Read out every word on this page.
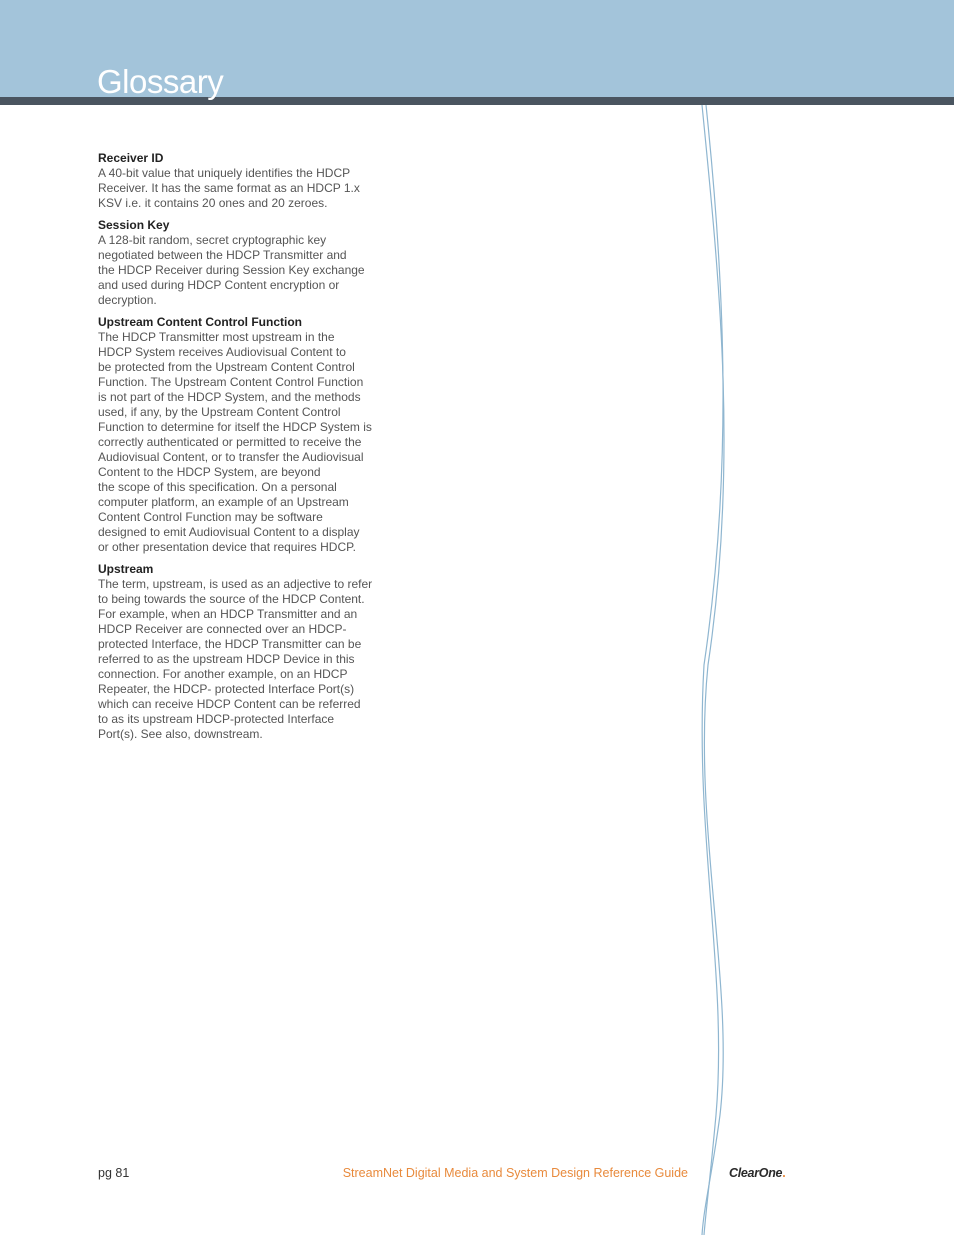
Glossary
Receiver ID
A 40-bit value that uniquely identifies the HDCP
Receiver. It has the same format as an HDCP 1.x
KSV i.e. it contains 20 ones and 20 zeroes.
Session Key
A 128-bit random, secret cryptographic key
negotiated between the HDCP Transmitter and
the HDCP Receiver during Session Key exchange
and used during HDCP Content encryption or
decryption.
Upstream Content Control Function
The HDCP Transmitter most upstream in the
HDCP System receives Audiovisual Content to
be protected from the Upstream Content Control
Function. The Upstream Content Control Function
is not part of the HDCP System, and the methods
used, if any, by the Upstream Content Control
Function to determine for itself the HDCP System is
correctly authenticated or permitted to receive the
Audiovisual Content, or to transfer the Audiovisual
Content to the HDCP System, are beyond
the scope of this specification. On a personal
computer platform, an example of an Upstream
Content Control Function may be software
designed to emit Audiovisual Content to a display
or other presentation device that requires HDCP.
Upstream
The term, upstream, is used as an adjective to refer
to being towards the source of the HDCP Content.
For example, when an HDCP Transmitter and an
HDCP Receiver are connected over an HDCP-
protected Interface, the HDCP Transmitter can be
referred to as the upstream HDCP Device in this
connection. For another example, on an HDCP
Repeater, the HDCP- protected Interface Port(s)
which can receive HDCP Content can be referred
to as its upstream HDCP-protected Interface
Port(s). See also, downstream.
pg 81	StreamNet Digital Media and System Design Reference Guide	ClearOne.
